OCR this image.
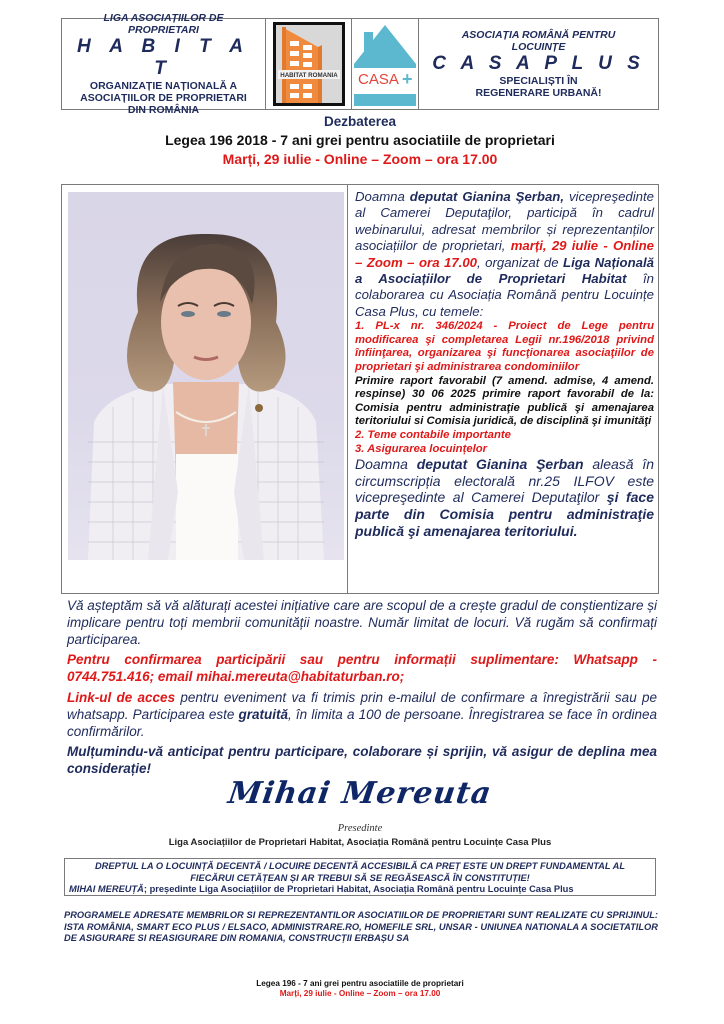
LIGA ASOCIAȚIILOR DE
PROPRIETARI
H A B I T A T
ORGANIZAȚIE NAȚIONALĂ A
ASOCIAȚIILOR DE PROPRIETARI
DIN ROMÂNIA
HABITAT ROMANIA CASA +
ASOCIAȚIA ROMÂNĂ PENTRU
LOCUINȚE
C A S A P L U S
SPECIALIȘTI ÎN
REGENERARE URBANĂ!
Dezbaterea
Legea 196 2018 - 7 ani grei pentru asociatiile de proprietari
Marți, 29 iulie - Online – Zoom – ora 17.00
Doamna deputat Gianina Şerban, vicepreşedinte al Camerei Deputaţilor, participă în cadrul webinarului, adresat membrilor și reprezentanților asociațiilor de proprietari, marți, 29 iulie - Online – Zoom – ora 17.00, organizat de Liga Națională a Asociațiilor de Proprietari Habitat în colaborarea cu Asociația Română pentru Locuințe Casa Plus, cu temele:
1. PL-x nr. 346/2024 - Proiect de Lege pentru modificarea şi completarea Legii nr.196/2018 privind înfiinţarea, organizarea şi funcţionarea asociaţiilor de proprietari şi administrarea condominiilor
Primire raport favorabil (7 amend. admise, 4 amend. respinse) 30 06 2025 primire raport favorabil de la: Comisia pentru administraţie publică şi amenajarea teritoriului si Comisia juridică, de disciplină şi imunităţi
2. Teme contabile importante
3. Asigurarea locuințelor
Doamna deputat Gianina Şerban aleasă în circumscripția electorală nr.25 ILFOV este vicepreşedinte al Camerei Deputaţilor şi face parte din Comisia pentru administraţie publică şi amenajarea teritoriului.

Vă așteptăm să vă alăturați acestei inițiative care are scopul de a crește gradul de conștientizare și implicare pentru toți membrii comunității noastre. Număr limitat de locuri. Vă rugăm să confirmați participarea.

Pentru confirmarea participării sau pentru informații suplimentare: Whatsapp - 0744.751.416; email mihai.mereuta@habitaturban.ro;

Link-ul de acces pentru eveniment va fi trimis prin e-mailul de confirmare a înregistrării sau pe whatsapp. Participarea este gratuită, în limita a 100 de persoane. Înregistrarea se face în ordinea confirmărilor.

Mulțumindu-vă anticipat pentru participare, colaborare și sprijin, vă asigur de deplina mea considerație!

Mihai Mereuta
Presedinte
Liga Asociațiilor de Proprietari Habitat, Asociația Română pentru Locuințe Casa Plus
DREPTUL LA O LOCUINȚĂ DECENTĂ / LOCUIRE DECENTĂ ACCESIBILĂ CA PREȚ ESTE UN DREPT FUNDAMENTAL AL
FIECĂRUI CETĂȚEAN ȘI AR TREBUI SĂ SE REGĂSEASCĂ ÎN CONSTITUȚIE!
MIHAI MEREUȚĂ; președinte Liga Asociațiilor de Proprietari Habitat, Asociația Română pentru Locuințe Casa Plus
PROGRAMELE ADRESATE MEMBRILOR SI REPREZENTANTILOR ASOCIATIILOR DE PROPRIETARI SUNT REALIZATE CU SPRIJINUL: ISTA ROMÂNIA, SMART ECO PLUS / ELSACO, ADMINISTRARE.RO, HOMEFILE SRL, UNSAR - UNIUNEA NATIONALA A SOCIETATILOR DE ASIGURARE SI REASIGURARE DIN ROMANIA, CONSTRUCȚII ERBAȘU SA
Legea 196 - 7 ani grei pentru asociatiile de proprietari
Marți, 29 iulie - Online – Zoom – ora 17.00
